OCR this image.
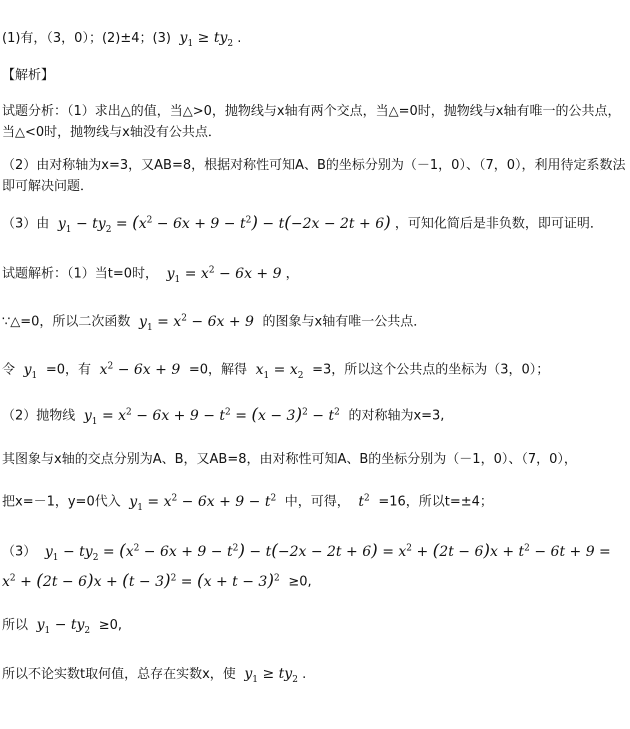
(1)有，（3，0）；(2)±4；(3)  $y_1 \ge ty_2$ .
【解析】
试题分析：（1）求出△的值，当△>0，抛物线与x轴有两个交点，当△=0时，抛物线与x轴有唯一的公共点，当△<0时，抛物线与x轴没有公共点．
（2）由对称轴为x=3，又AB=8，根据对称性可知A、B的坐标分别为（－1，0）、（7，0），利用待定系数法即可解决问题．
（3）由  $y_1 - ty_2 = (x^2 - 6x + 9 - t^2) - t(-2x - 2t + 6)$ ，可知化简后是非负数，即可证明．
试题解析：（1）当t=0时，  $y_1 = x^2 - 6x + 9$ ，
∵△=0，所以二次函数  $y_1 = x^2 - 6x + 9$  的图象与x轴有唯一公共点．
令  $y_1 =0$，有  $x^2 - 6x + 9 =0$，解得  $x_1 = x_2 =3$，所以这个公共点的坐标为（3，0）；
（2）抛物线  $y_1 = x^2 - 6x + 9 - t^2 = (x - 3)^2 - t^2$ 的对称轴为x=3,
其图象与x轴的交点分别为A、B，又AB=8，由对称性可知A、B的坐标分别为（－1，0）、（7，0），
把x=－1，y=0代入  $y_1 = x^2 - 6x + 9 - t^2$ 中，可得，  $t^2 =16$，所以t=±4；
（3）  $y_1 - ty_2 = (x^2 - 6x + 9 - t^2) - t(-2x - 2t + 6) = x^2 + (2t - 6)x + t^2 - 6t + 9$ =
$x^2 + (2t - 6)x + (t - 3)^2 = (x + t - 3)^2 \ge 0$,
所以  $y_1 - ty_2 \ge 0$,
所以不论实数t取何值，总存在实数x，使  $y_1 \ge ty_2$ .
